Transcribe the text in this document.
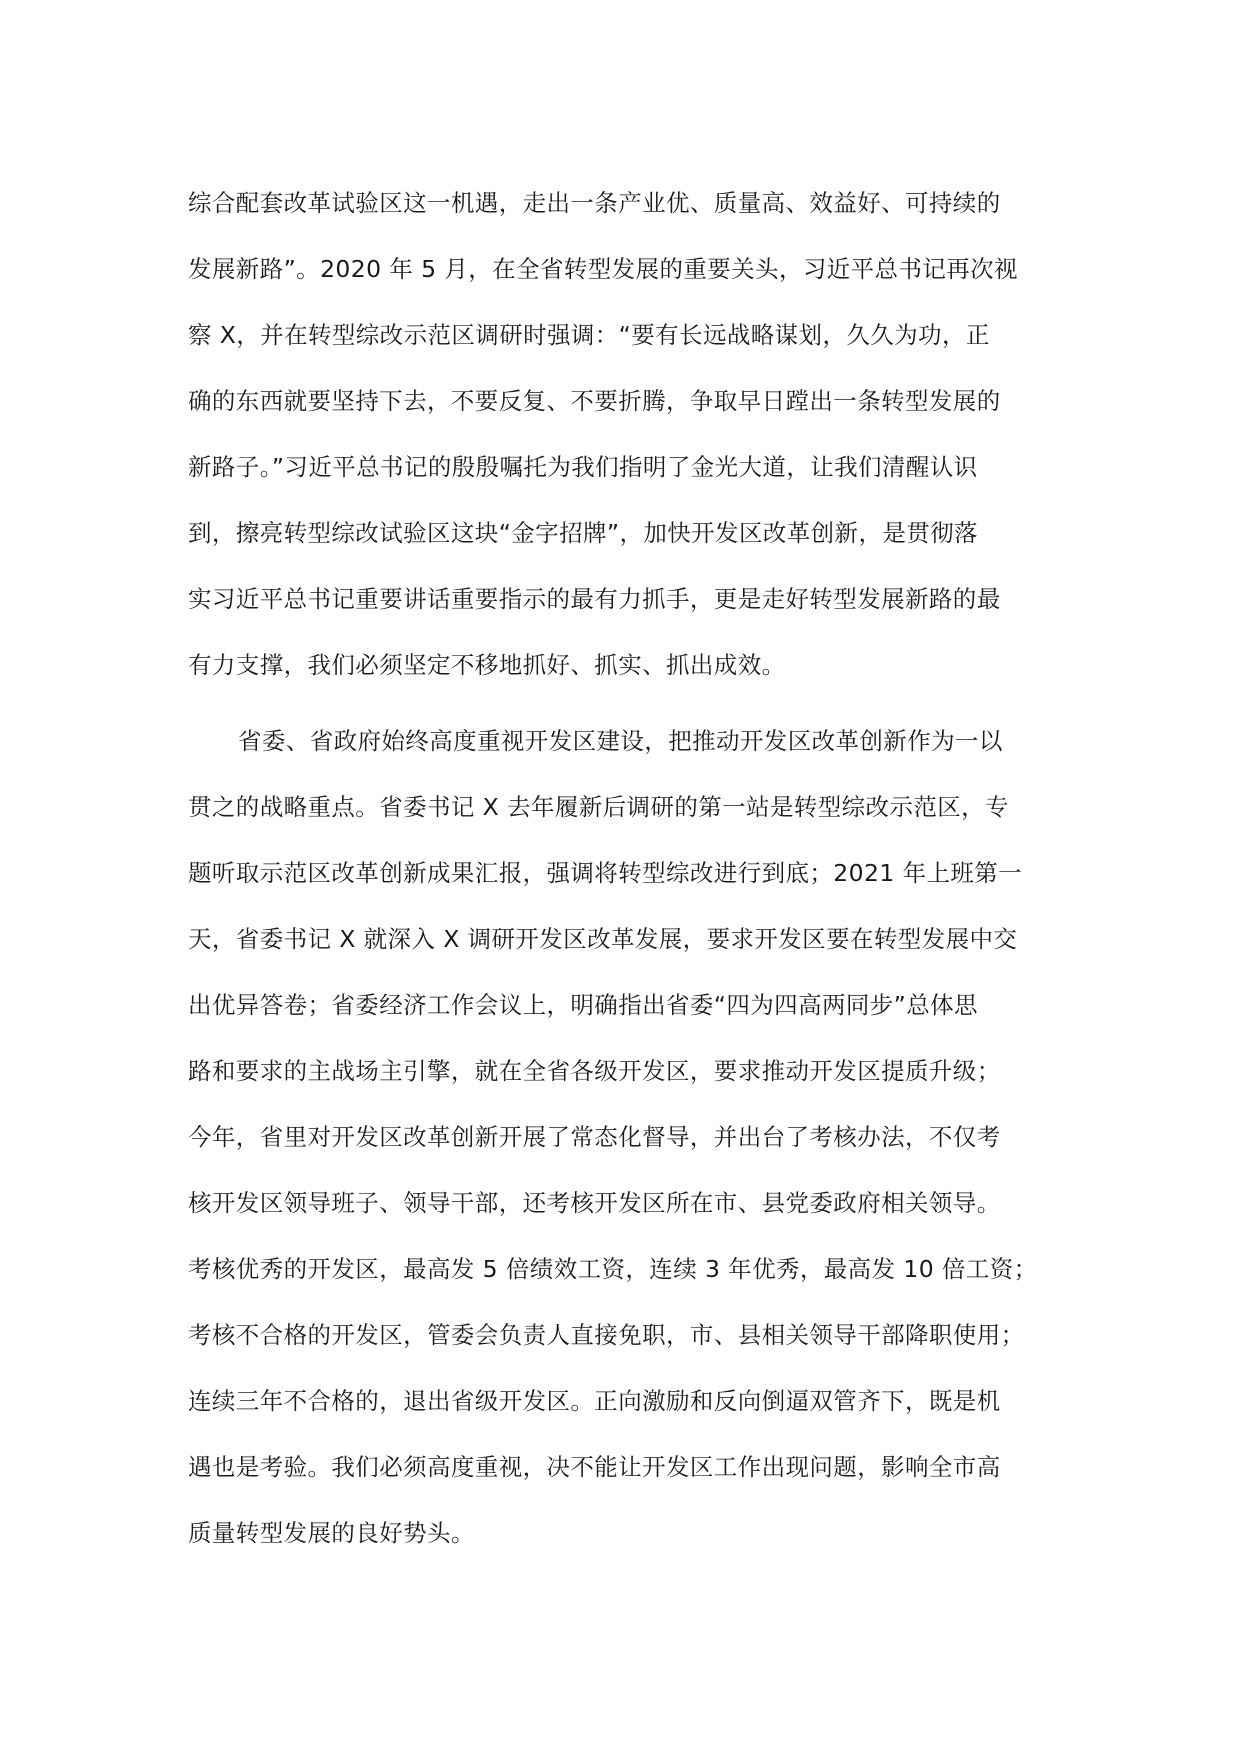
综合配套改革试验区这一机遇，走出一条产业优、质量高、效益好、可持续的
发展新路”。2020 年 5 月，在全省转型发展的重要关头，习近平总书记再次视
察 X，并在转型综改示范区调研时强调：“要有长远战略谋划，久久为功，正
确的东西就要坚持下去，不要反复、不要折腾，争取早日蹚出一条转型发展的
新路子。”习近平总书记的殷殷嘱托为我们指明了金光大道，让我们清醒认识
到，擦亮转型综改试验区这块“金字招牌”，加快开发区改革创新，是贯彻落
实习近平总书记重要讲话重要指示的最有力抓手，更是走好转型发展新路的最
有力支撑，我们必须坚定不移地抓好、抓实、抓出成效。
省委、省政府始终高度重视开发区建设，把推动开发区改革创新作为一以
贯之的战略重点。省委书记 X 去年履新后调研的第一站是转型综改示范区，专
题听取示范区改革创新成果汇报，强调将转型综改进行到底；2021 年上班第一
天，省委书记 X 就深入 X 调研开发区改革发展，要求开发区要在转型发展中交
出优异答卷；省委经济工作会议上，明确指出省委“四为四高两同步”总体思
路和要求的主战场主引擎，就在全省各级开发区，要求推动开发区提质升级；
今年，省里对开发区改革创新开展了常态化督导，并出台了考核办法，不仅考
核开发区领导班子、领导干部，还考核开发区所在市、县党委政府相关领导。
考核优秀的开发区，最高发 5 倍绩效工资，连续 3 年优秀，最高发 10 倍工资；
考核不合格的开发区，管委会负责人直接免职，市、县相关领导干部降职使用；
连续三年不合格的，退出省级开发区。正向激励和反向倒逼双管齐下，既是机
遇也是考验。我们必须高度重视，决不能让开发区工作出现问题，影响全市高
质量转型发展的良好势头。
